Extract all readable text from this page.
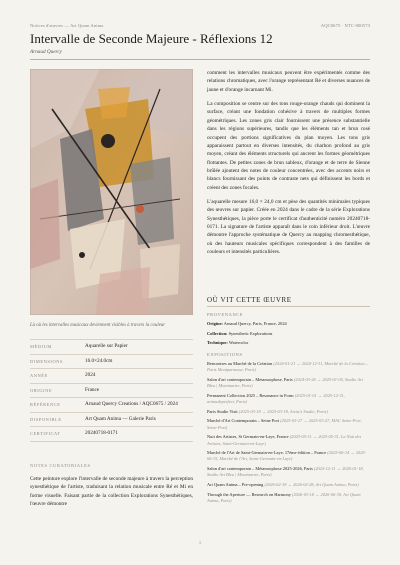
Notices d'œuvres — Art Quam Anima	AQC0675 · NTC-000573
Intervalle de Seconde Majeure - Réflexions 12
Arnaud Quercy
Là où les intervalles musicaux deviennent visibles à travers la couleur
MÉDIUM	Aquarelle sur Papier
DIMENSIONS	16.0×24.0cm
ANNÉE	2024
ORIGINE	France
RÉFÉRENCE	Arnaud Quercy Creations / AQC0675 / 2024
DISPONIBLE	Art Quam Anima — Galerie Paris
CERTIFICAT	20240718-0171
NOTES CURATORIALES

Cette peinture explore l'intervalle de seconde majeure à travers la perception synesthétique de l'artiste, traduisant la relation musicale entre Ré et Mi en forme visuelle. Faisant partie de la collection Explorations Synesthétiques, l'œuvre démontre

comment les intervalles musicaux peuvent être expérimentés comme des relations chromatiques, avec l'orange représentant Ré et diverses nuances de jaune et d'orange incarnant Mi.

La composition se centre sur des tons rouge-orange chauds qui dominent la surface, créant une fondation cohésive à travers de multiples formes géométriques. Les zones gris clair fournissent une présence substantielle dans les régions supérieures, tandis que les éléments tan et brun rosé occupent des portions significatives du plan moyen. Les tons gris apparaissent partout en diverses intensités, du charbon profond au gris moyen, créant des éléments structurels qui ancrent les formes géométriques flottantes. De petites zones de brun sableux, d'orange et de terre de Sienne brûlée ajoutent des notes de couleur concentrées, avec des accents noirs et blancs fournissant des points de contraste nets qui définissent les bords et créent des zones focales.

L'aquarelle mesure 16,0 × 24,0 cm et pèse des quantités minimales typiques des œuvres sur papier. Créée en 2024 dans le cadre de la série Explorations Synesthétiques, la pièce porte le certificat d'authenticité numéro 20240718-0171. La signature de l'artiste apparaît dans le coin inférieur droit. L'œuvre démontre l'approche systématique de Quercy au mapping chromesthétique, où des hauteurs musicales spécifiques correspondent à des familles de couleurs et intensités particulières.

OÙ VIT CETTE ŒUVRE
PROVENANCE
Origine: Arnaud Quercy, Paris, France, 2024
Collection: Synesthetic Explorations
Technique: Watercolor
EXPOSITIONS
Rencontres au Marché de la Création (2024-01-21 → 2024-12-31, Marché de la Création – Paris Montparnasse, Paris)
Salon d'art contemporain – Metamorphose, Paris (2024-03-26 → 2025-01-05, Studio Art Bleu | Montmartre, Paris)
Permanent Collection 2025 – Resonance in Form (2025-01-01 → 2025-12-31, artmadeperfect, Paris)
Paris Studio Visit (2025-03-18 → 2025-03-18, Artist's Studio, Paris)
Marché d'Art Contemporain – Seine Port (2025-03-27 → 2025-03-27, MAC Seine-Port, Seine-Port)
Nuit des Artistes, St Germain-en-Laye, France (2025-05-31 → 2025-05-31, La Nuit des Artistes, Saint-Germain-en-Laye)
Marché de l'Art de Saint-Germain-en-Laye, 17ème édition – France (2025-06-14 → 2025-06-15, Marché de l'Art, Saint-Germain-en-Laye)
Salon d'art contemporain – Métamorphose 2025-2026, Paris (2025-12-11 → 2026-01-18, Studio Art Bleu | Montmartre, Paris)
Art Quam Anima – Pre-opening (2026-02-18 → 2026-02-28, Art Quam Anima, Paris)
Through the Aperture — Research on Harmony (2026-03-18 → 2026-06-30, Art Quam Anima, Paris)
1
